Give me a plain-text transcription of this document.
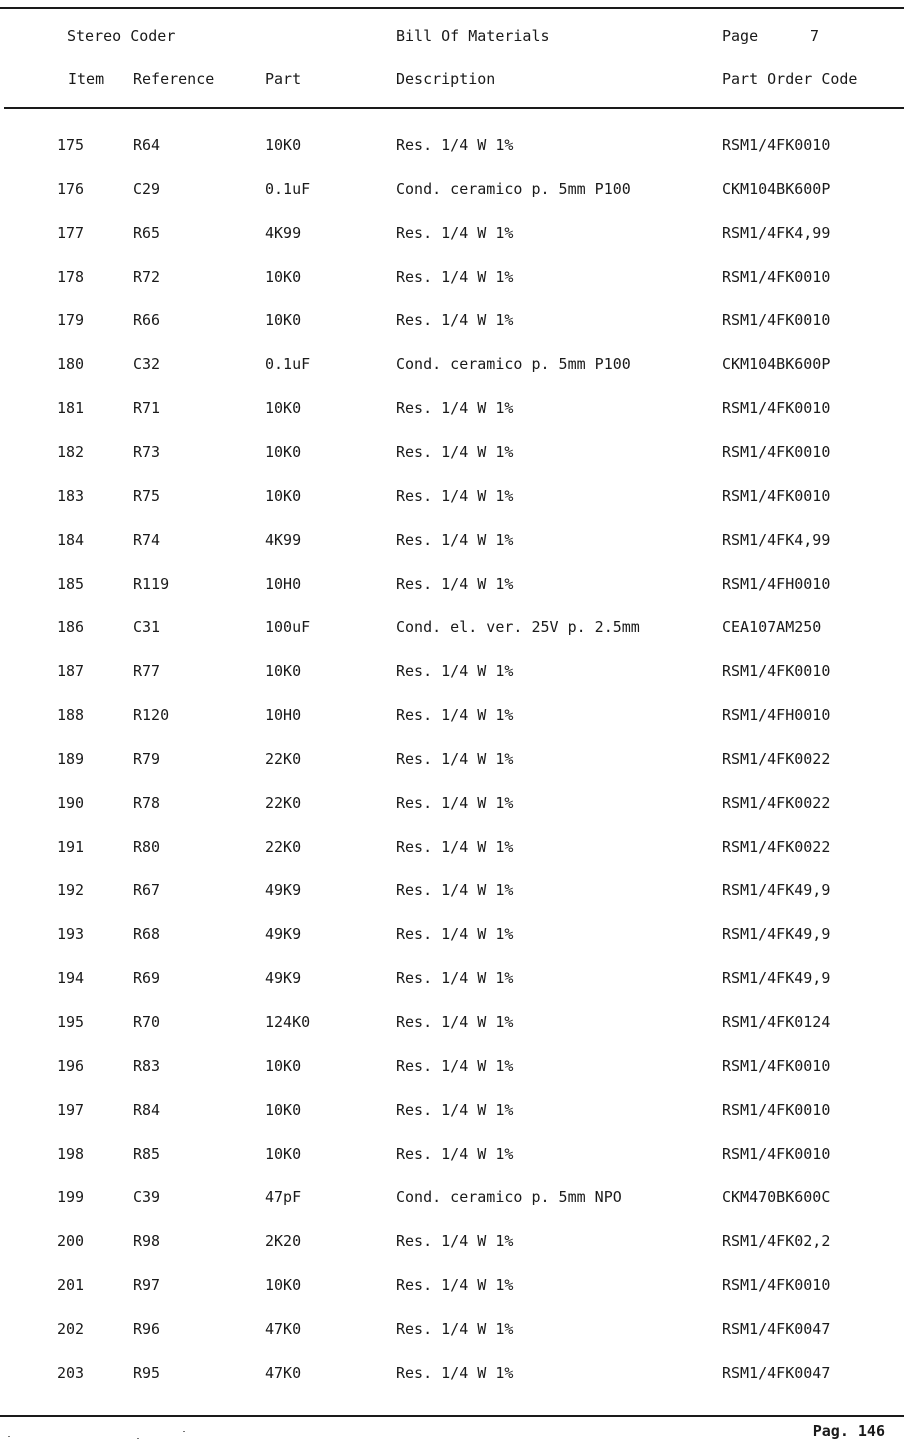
Stereo Coder	Bill Of Materials	Page	7
Item Reference	Part	Description	Part Order Code
175	R64	10K0	Res. 1/4 W 1%	RSM1/4FK0010
176	C29	0.1uF	Cond. ceramico p. 5mm P100	CKM104BK600P
177	R65	4K99	Res. 1/4 W 1%	RSM1/4FK4,99
178	R72	10K0	Res. 1/4 W 1%	RSM1/4FK0010
179	R66	10K0	Res. 1/4 W 1%	RSM1/4FK0010
180	C32	0.1uF	Cond. ceramico p. 5mm P100	CKM104BK600P
181	R71	10K0	Res. 1/4 W 1%	RSM1/4FK0010
182	R73	10K0	Res. 1/4 W 1%	RSM1/4FK0010
183	R75	10K0	Res. 1/4 W 1%	RSM1/4FK0010
184	R74	4K99	Res. 1/4 W 1%	RSM1/4FK4,99
185	R119	10H0	Res. 1/4 W 1%	RSM1/4FH0010
186	C31	100uF	Cond. el. ver. 25V p. 2.5mm	CEA107AM250
187	R77	10K0	Res. 1/4 W 1%	RSM1/4FK0010
188	R120	10H0	Res. 1/4 W 1%	RSM1/4FH0010
189	R79	22K0	Res. 1/4 W 1%	RSM1/4FK0022
190	R78	22K0	Res. 1/4 W 1%	RSM1/4FK0022
191	R80	22K0	Res. 1/4 W 1%	RSM1/4FK0022
192	R67	49K9	Res. 1/4 W 1%	RSM1/4FK49,9
193	R68	49K9	Res. 1/4 W 1%	RSM1/4FK49,9
194	R69	49K9	Res. 1/4 W 1%	RSM1/4FK49,9
195	R70	124K0	Res. 1/4 W 1%	RSM1/4FK0124
196	R83	10K0	Res. 1/4 W 1%	RSM1/4FK0010
197	R84	10K0	Res. 1/4 W 1%	RSM1/4FK0010
198	R85	10K0	Res. 1/4 W 1%	RSM1/4FK0010
199	C39	47pF	Cond. ceramico p. 5mm NPO	CKM470BK600C
200	R98	2K20	Res. 1/4 W 1%	RSM1/4FK02,2
201	R97	10K0	Res. 1/4 W 1%	RSM1/4FK0010
202	R96	47K0	Res. 1/4 W 1%	RSM1/4FK0047
203	R95	47K0	Res. 1/4 W 1%	RSM1/4FK0047
Pag. 146
